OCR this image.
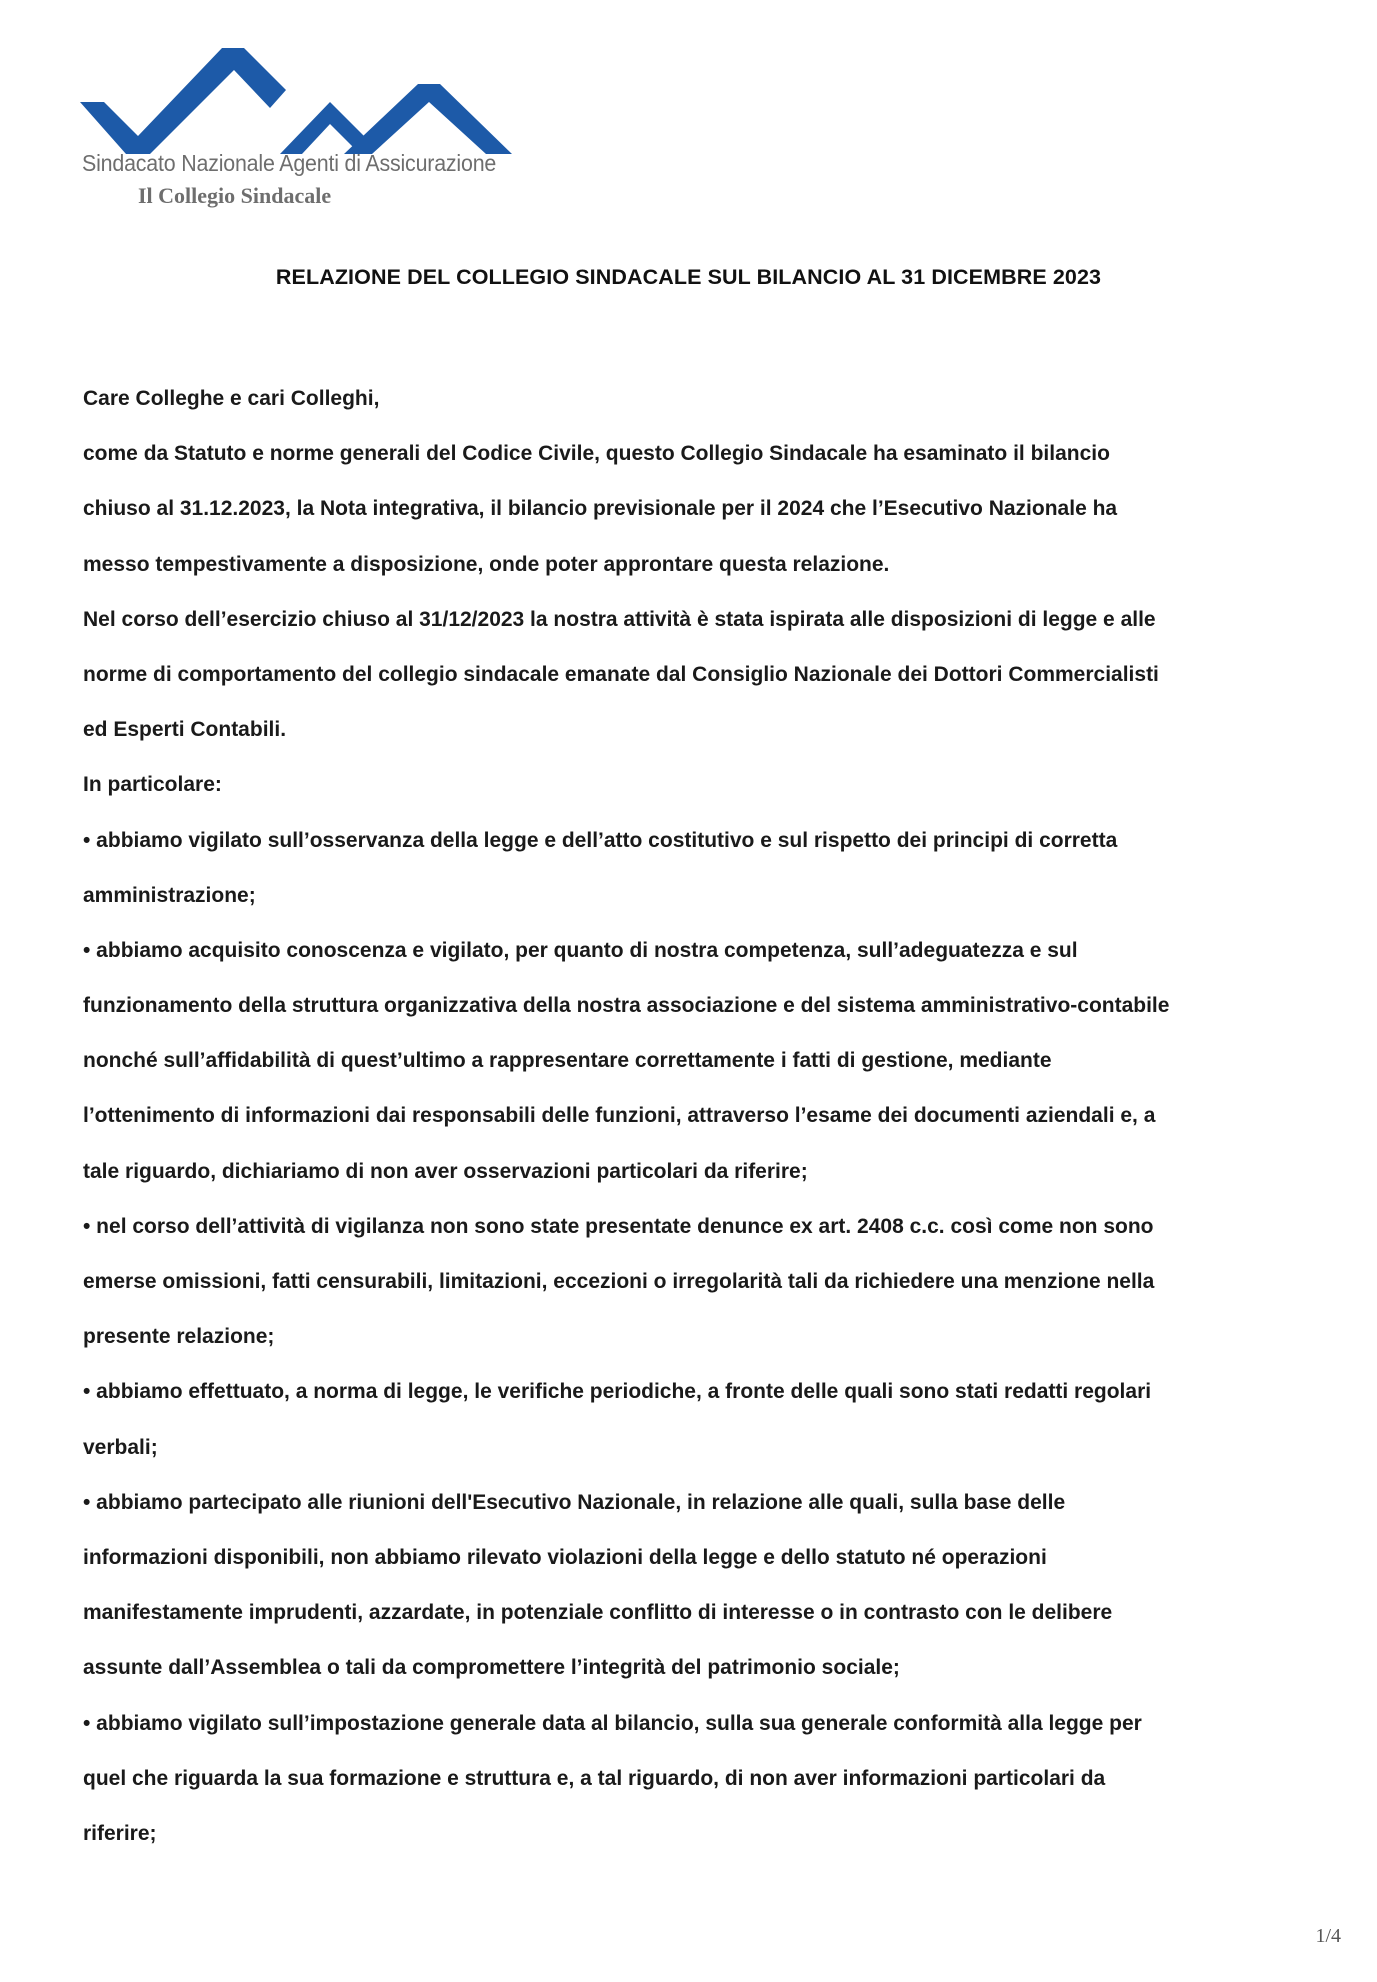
Sindacato Nazionale Agenti di Assicurazione
Il Collegio Sindacale
RELAZIONE DEL COLLEGIO SINDACALE SUL BILANCIO AL 31 DICEMBRE 2023
Care Colleghe e cari Colleghi,
come da Statuto e norme generali del Codice Civile, questo Collegio Sindacale ha esaminato il bilancio
chiuso al 31.12.2023, la Nota integrativa, il bilancio previsionale per il 2024 che l’Esecutivo Nazionale ha
messo tempestivamente a disposizione, onde poter approntare questa relazione.
Nel corso dell’esercizio chiuso al 31/12/2023 la nostra attività è stata ispirata alle disposizioni di legge e alle
norme di comportamento del collegio sindacale emanate dal Consiglio Nazionale dei Dottori Commercialisti
ed Esperti Contabili.
In particolare:
• abbiamo vigilato sull’osservanza della legge e dell’atto costitutivo e sul rispetto dei principi di corretta
amministrazione;
• abbiamo acquisito conoscenza e vigilato, per quanto di nostra competenza, sull’adeguatezza e sul
funzionamento della struttura organizzativa della nostra associazione e del sistema amministrativo-contabile
nonché sull’affidabilità di quest’ultimo a rappresentare correttamente i fatti di gestione, mediante
l’ottenimento di informazioni dai responsabili delle funzioni, attraverso l’esame dei documenti aziendali e, a
tale riguardo, dichiariamo di non aver osservazioni particolari da riferire;
• nel corso dell’attività di vigilanza non sono state presentate denunce ex art. 2408 c.c. così come non sono
emerse omissioni, fatti censurabili, limitazioni, eccezioni o irregolarità tali da richiedere una menzione nella
presente relazione;
• abbiamo effettuato, a norma di legge, le verifiche periodiche, a fronte delle quali sono stati redatti regolari
verbali;
• abbiamo partecipato alle riunioni dell'Esecutivo Nazionale, in relazione alle quali, sulla base delle
informazioni disponibili, non abbiamo rilevato violazioni della legge e dello statuto né operazioni
manifestamente imprudenti, azzardate, in potenziale conflitto di interesse o in contrasto con le delibere
assunte dall’Assemblea o tali da compromettere l’integrità del patrimonio sociale;
• abbiamo vigilato sull’impostazione generale data al bilancio, sulla sua generale conformità alla legge per
quel che riguarda la sua formazione e struttura e, a tal riguardo, di non aver informazioni particolari da
riferire;
1/4
